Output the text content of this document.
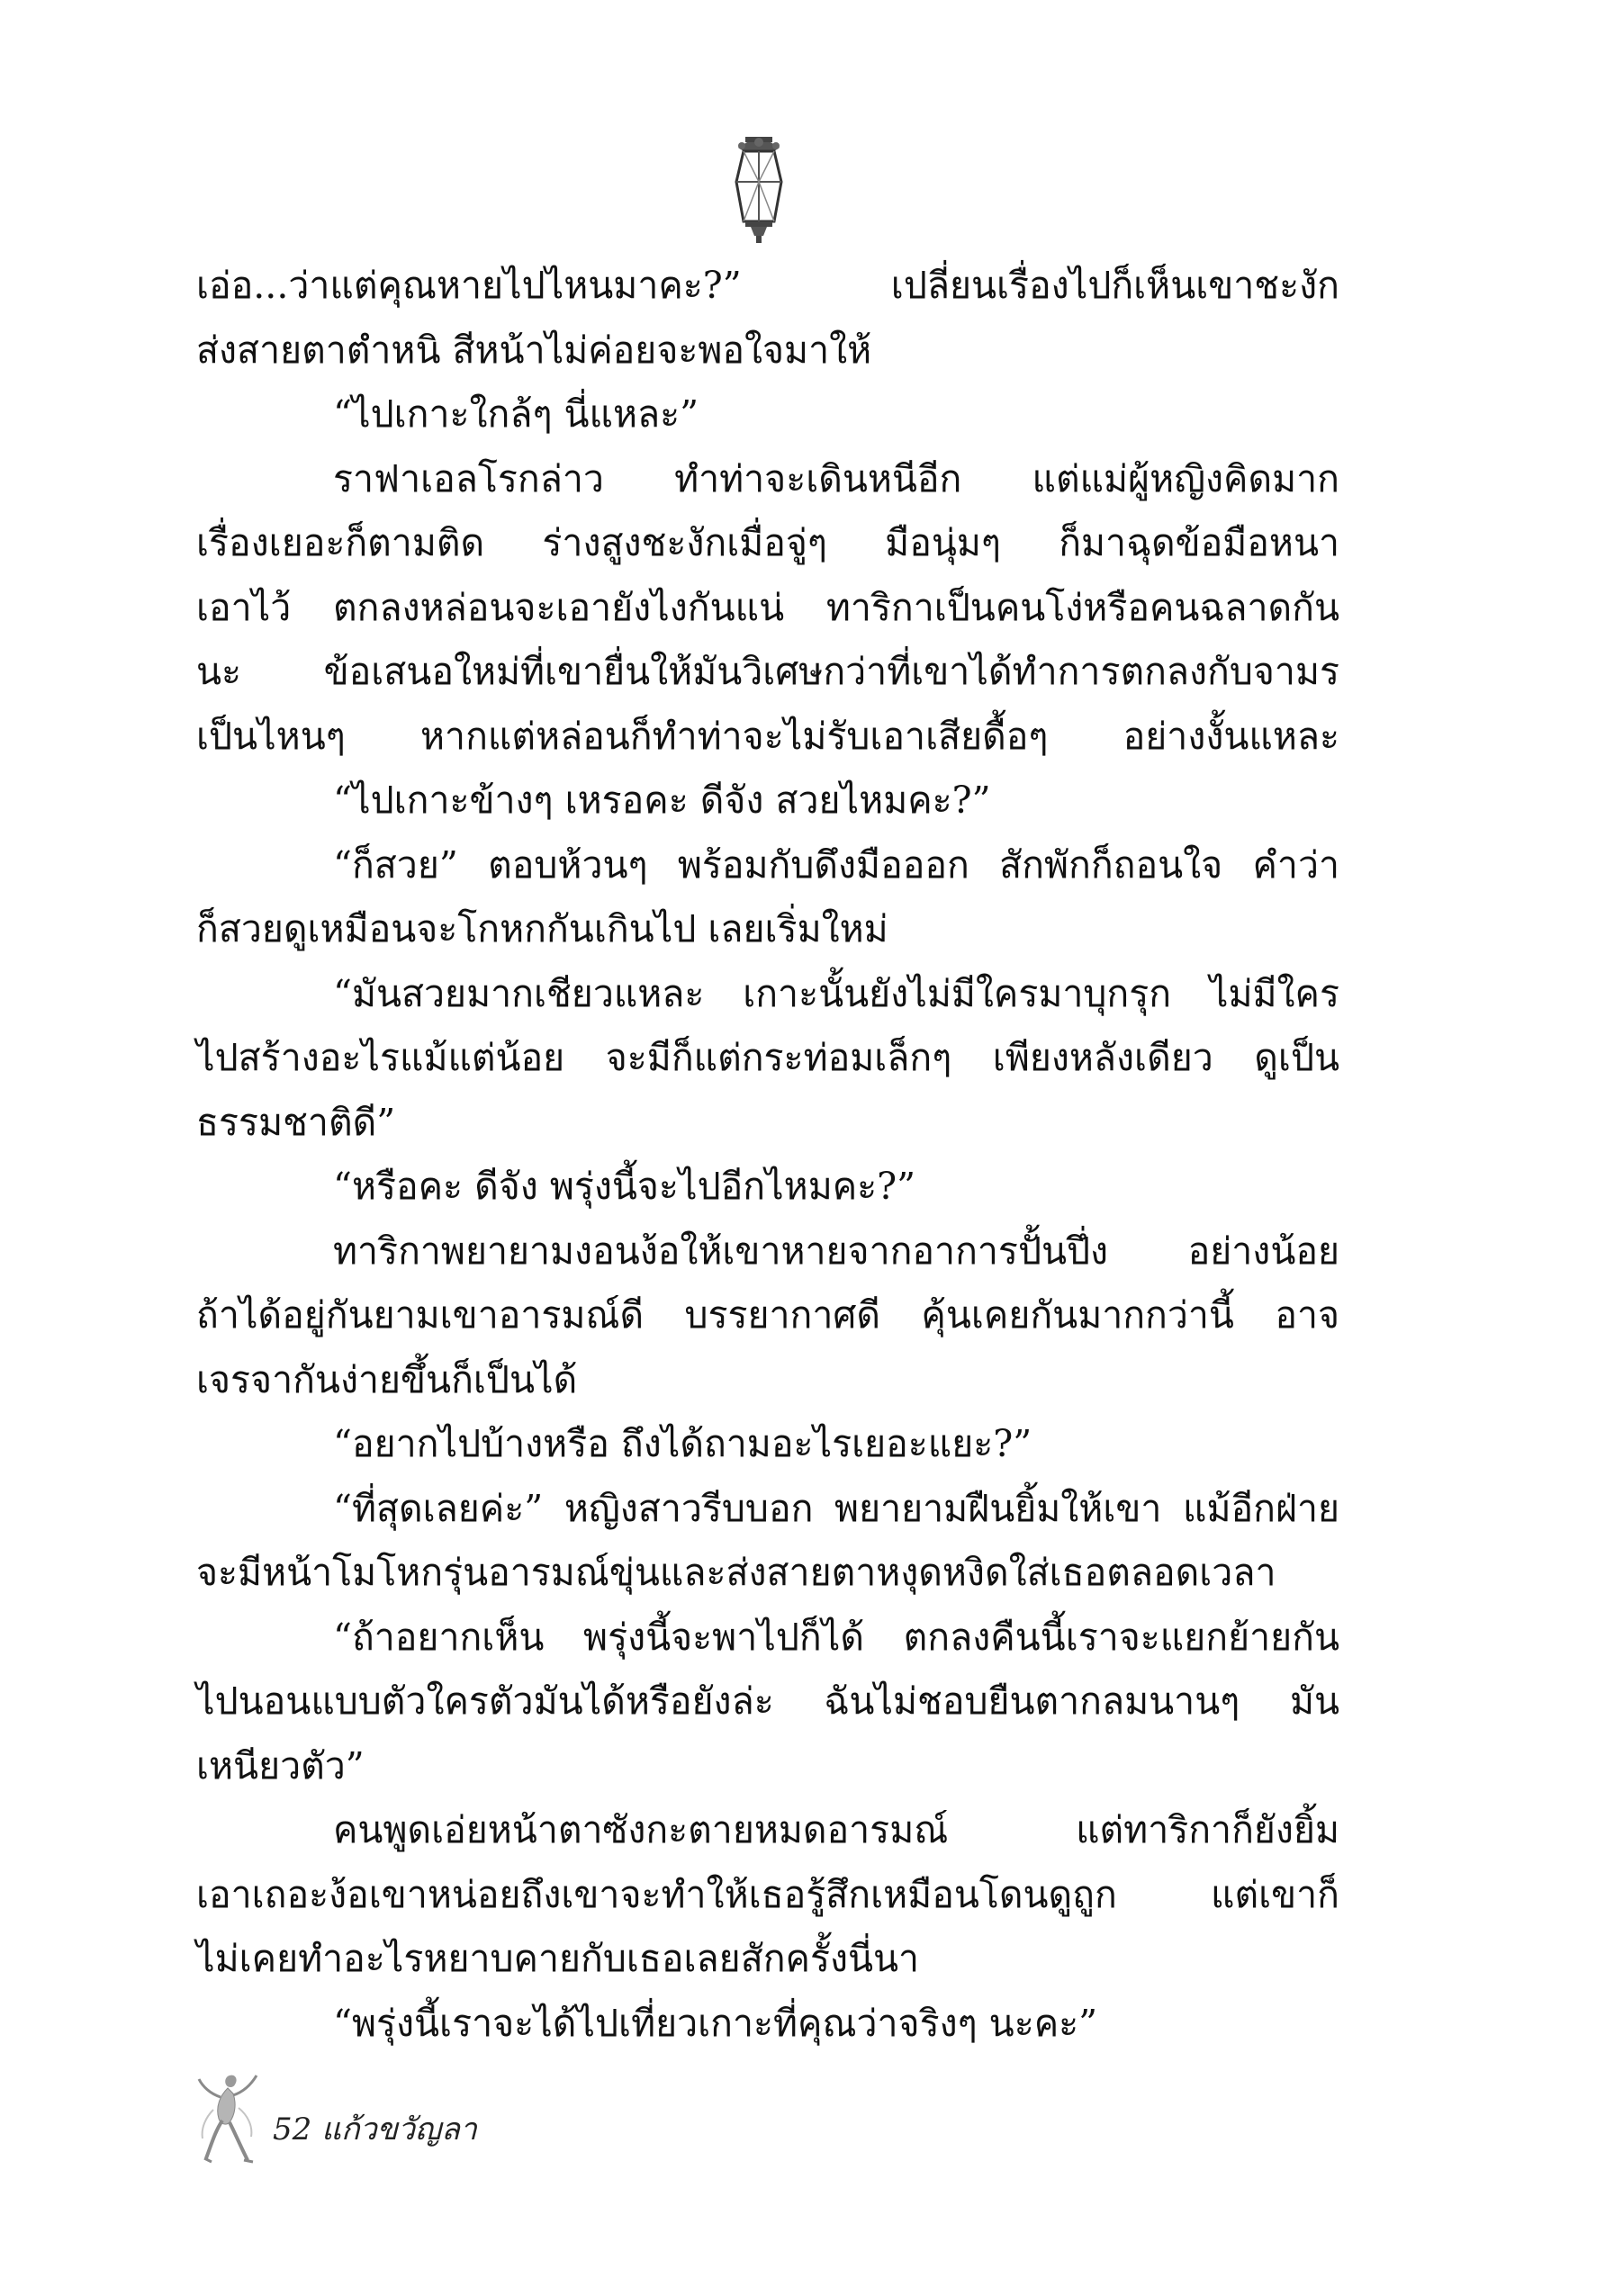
เอ่อ...ว่าแต่คุณหายไปไหนมาคะ?” เปลี่ยนเรื่องไปก็เห็นเขาชะงัก
ส่งสายตาตำหนิ สีหน้าไม่ค่อยจะพอใจมาให้
“ไปเกาะใกล้ๆ นี่แหละ”
ราฟาเอลโรกล่าว ทำท่าจะเดินหนีอีก แต่แม่ผู้หญิงคิดมาก
เรื่องเยอะก็ตามติด ร่างสูงชะงักเมื่อจู่ๆ มือนุ่มๆ ก็มาฉุดข้อมือหนา
เอาไว้ ตกลงหล่อนจะเอายังไงกันแน่ ทาริกาเป็นคนโง่หรือคนฉลาดกัน
นะ ข้อเสนอใหม่ที่เขายื่นให้มันวิเศษกว่าที่เขาได้ทำการตกลงกับจามร
เป็นไหนๆ หากแต่หล่อนก็ทำท่าจะไม่รับเอาเสียดื้อๆ อย่างงั้นแหละ
“ไปเกาะข้างๆ เหรอคะ ดีจัง สวยไหมคะ?”
“ก็สวย” ตอบห้วนๆ พร้อมกับดึงมือออก สักพักก็ถอนใจ คำว่า
ก็สวยดูเหมือนจะโกหกกันเกินไป เลยเริ่มใหม่
“มันสวยมากเชียวแหละ เกาะนั้นยังไม่มีใครมาบุกรุก ไม่มีใคร
ไปสร้างอะไรแม้แต่น้อย จะมีก็แต่กระท่อมเล็กๆ เพียงหลังเดียว ดูเป็น
ธรรมชาติดี”
“หรือคะ ดีจัง พรุ่งนี้จะไปอีกไหมคะ?”
ทาริกาพยายามงอนง้อให้เขาหายจากอาการปั้นปึ่ง อย่างน้อย
ถ้าได้อยู่กันยามเขาอารมณ์ดี บรรยากาศดี คุ้นเคยกันมากกว่านี้ อาจ
เจรจากันง่ายขึ้นก็เป็นได้
“อยากไปบ้างหรือ ถึงได้ถามอะไรเยอะแยะ?”
“ที่สุดเลยค่ะ” หญิงสาวรีบบอก พยายามฝืนยิ้มให้เขา แม้อีกฝ่าย
จะมีหน้าโมโหกรุ่นอารมณ์ขุ่นและส่งสายตาหงุดหงิดใส่เธอตลอดเวลา
“ถ้าอยากเห็น พรุ่งนี้จะพาไปก็ได้ ตกลงคืนนี้เราจะแยกย้ายกัน
ไปนอนแบบตัวใครตัวมันได้หรือยังล่ะ ฉันไม่ชอบยืนตากลมนานๆ มัน
เหนียวตัว”
คนพูดเอ่ยหน้าตาซังกะตายหมดอารมณ์ แต่ทาริกาก็ยังยิ้ม
เอาเถอะง้อเขาหน่อยถึงเขาจะทำให้เธอรู้สึกเหมือนโดนดูถูก แต่เขาก็
ไม่เคยทำอะไรหยาบคายกับเธอเลยสักครั้งนี่นา
“พรุ่งนี้เราจะได้ไปเที่ยวเกาะที่คุณว่าจริงๆ นะคะ”
52 แก้วขวัญลา
